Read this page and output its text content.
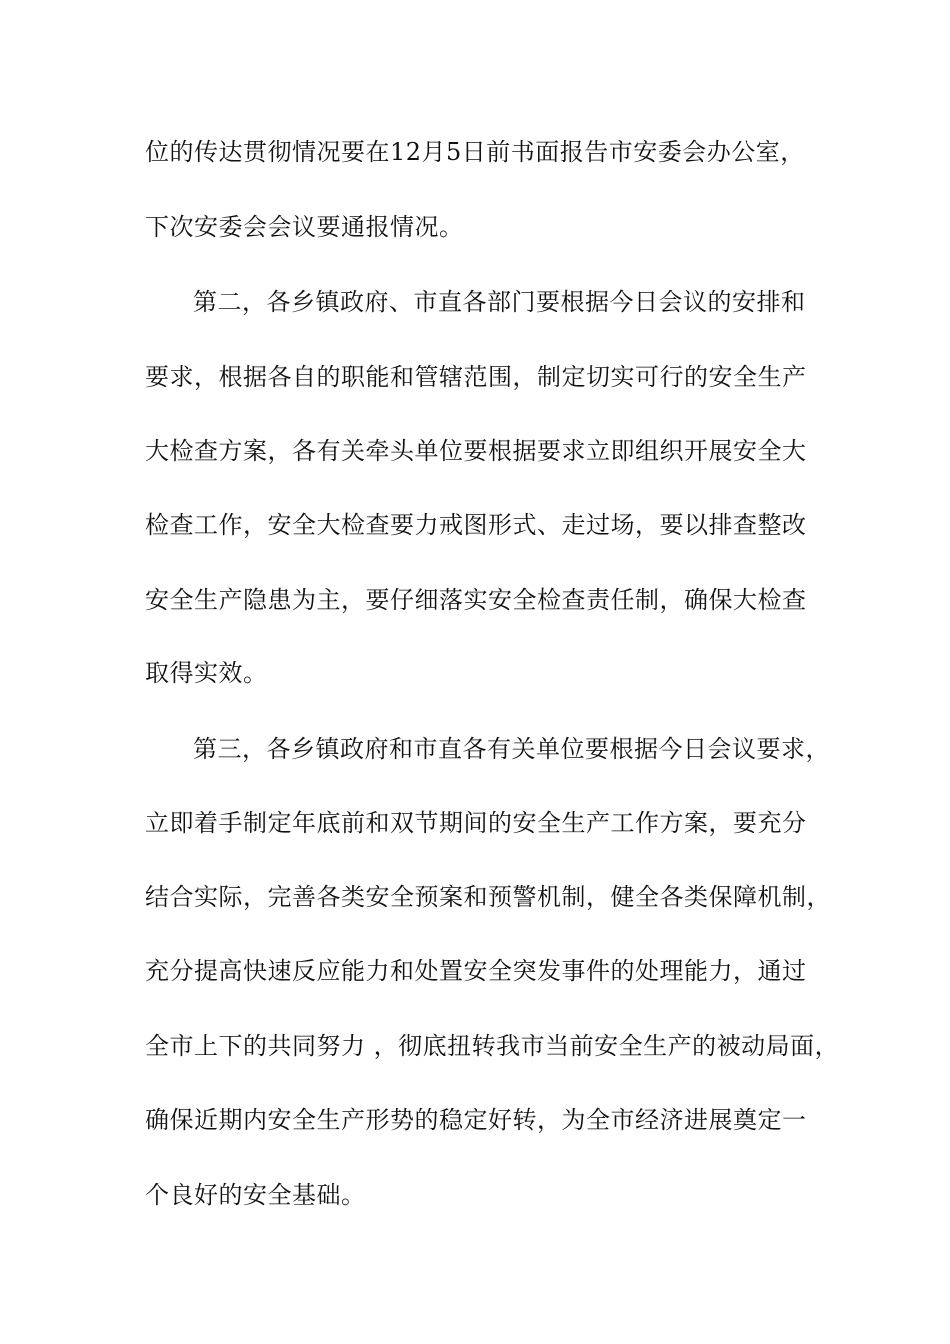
位的传达贯彻情况要在12月5日前书面报告市安委会办公室，
下次安委会会议要通报情况。
第二，各乡镇政府、市直各部门要根据今日会议的安排和
要求，根据各自的职能和管辖范围，制定切实可行的安全生产
大检查方案，各有关牵头单位要根据要求立即组织开展安全大
检查工作，安全大检查要力戒图形式、走过场，要以排查整改
安全生产隐患为主，要仔细落实安全检查责任制，确保大检查
取得实效。
第三，各乡镇政府和市直各有关单位要根据今日会议要求，
立即着手制定年底前和双节期间的安全生产工作方案，要充分
结合实际，完善各类安全预案和预警机制，健全各类保障机制，
充分提高快速反应能力和处置安全突发事件的处理能力，通过
全市上下的共同努力 ，彻底扭转我市当前安全生产的被动局面，
确保近期内安全生产形势的稳定好转，为全市经济进展奠定一
个良好的安全基础。
